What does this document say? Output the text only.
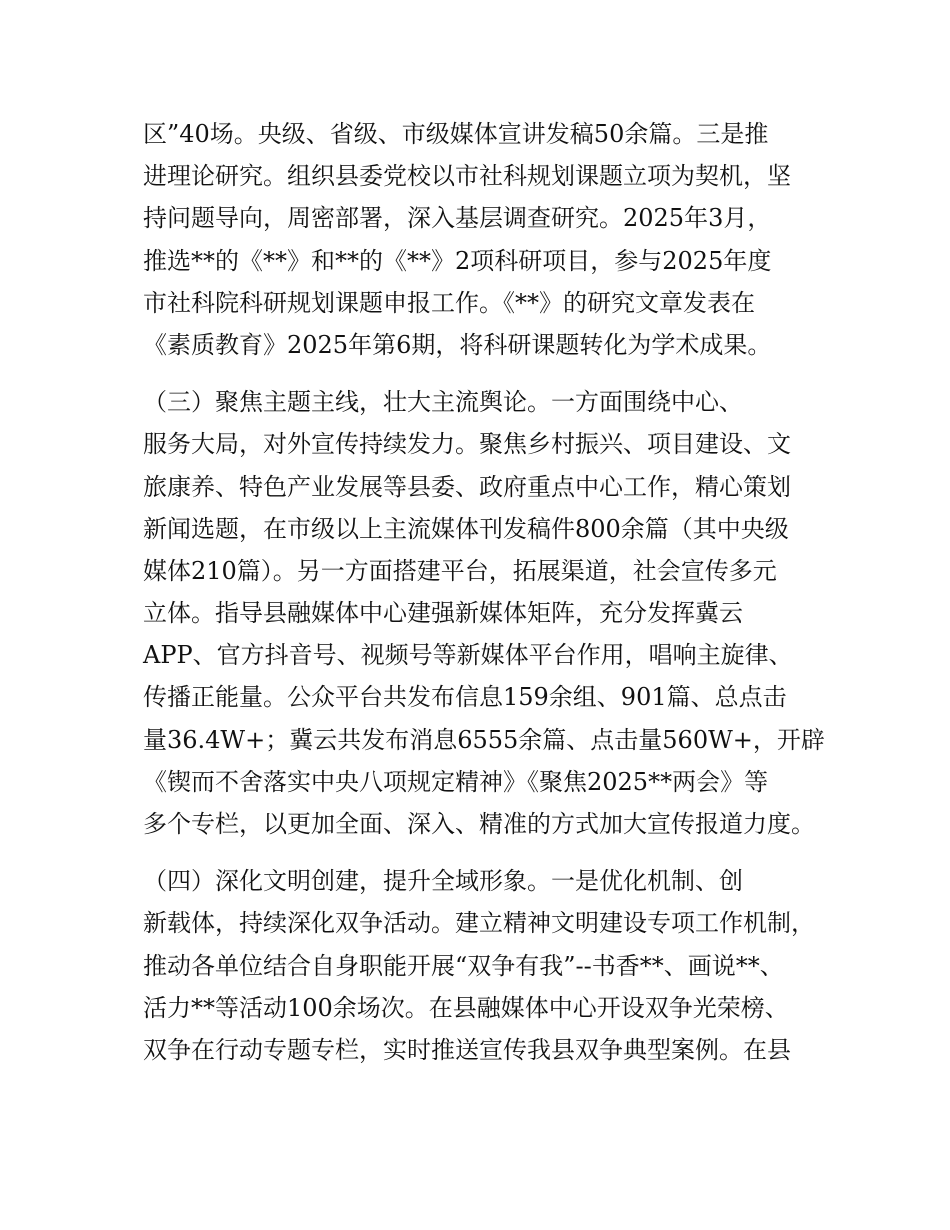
区”40场。央级、省级、市级媒体宣讲发稿50余篇。三是推
进理论研究。组织县委党校以市社科规划课题立项为契机，坚
持问题导向，周密部署，深入基层调查研究。2025年3月，
推选**的《**》和**的《**》2项科研项目，参与2025年度
市社科院科研规划课题申报工作。《**》的研究文章发表在
《素质教育》2025年第6期，将科研课题转化为学术成果。
（三）聚焦主题主线，壮大主流舆论。一方面围绕中心、
服务大局，对外宣传持续发力。聚焦乡村振兴、项目建设、文
旅康养、特色产业发展等县委、政府重点中心工作，精心策划
新闻选题，在市级以上主流媒体刊发稿件800余篇（其中央级
媒体210篇）。另一方面搭建平台，拓展渠道，社会宣传多元
立体。指导县融媒体中心建强新媒体矩阵，充分发挥冀云
APP、官方抖音号、视频号等新媒体平台作用，唱响主旋律、
传播正能量。公众平台共发布信息159余组、901篇、总点击
量36.4W+；冀云共发布消息6555余篇、点击量560W+，开辟
《锲而不舍落实中央八项规定精神》《聚焦2025**两会》等
多个专栏，以更加全面、深入、精准的方式加大宣传报道力度。
（四）深化文明创建，提升全域形象。一是优化机制、创
新载体，持续深化双争活动。建立精神文明建设专项工作机制，
推动各单位结合自身职能开展“双争有我”--书香**、画说**、
活力**等活动100余场次。在县融媒体中心开设双争光荣榜、
双争在行动专题专栏，实时推送宣传我县双争典型案例。在县
